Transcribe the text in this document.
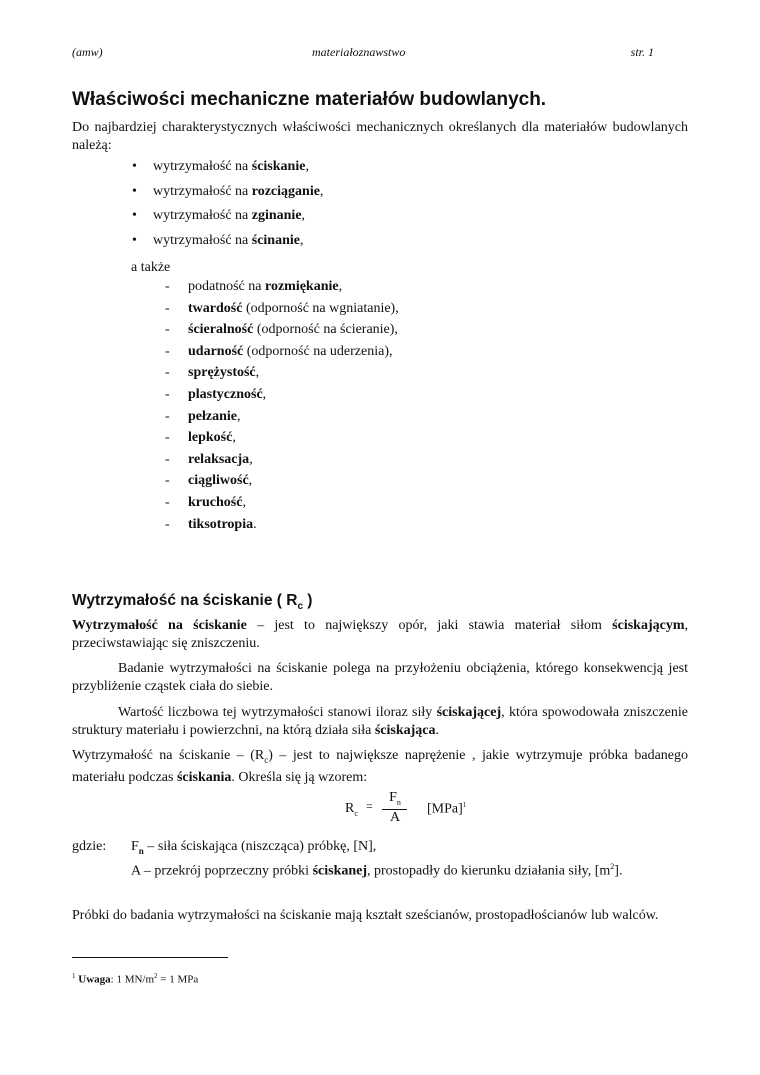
(amw)	materiałoznawstwo	str. 1
Właściwości mechaniczne materiałów budowlanych.
Do najbardziej charakterystycznych właściwości mechanicznych określanych dla materiałów budowlanych należą:
• wytrzymałość na ściskanie,
• wytrzymałość na rozciąganie,
• wytrzymałość na zginanie,
• wytrzymałość na ścinanie,
a także
- podatność na rozmiękanie,
- twardość (odporność na wgniatanie),
- ścieralność (odporność na ścieranie),
- udarność (odporność na uderzenia),
- sprężystość,
- plastyczność,
- pełzanie,
- lepkość,
- relaksacja,
- ciągliwość,
- kruchość,
- tiksotropia.
Wytrzymałość na ściskanie ( $R_c$ )
Wytrzymałość na ściskanie – jest to największy opór, jaki stawia materiał siłom ściskającym, przeciwstawiając się zniszczeniu.
Badanie wytrzymałości na ściskanie polega na przyłożeniu obciążenia, którego konsekwencją jest przybliżenie cząstek ciała do siebie.
Wartość liczbowa tej wytrzymałości stanowi iloraz siły ściskającej, która spowodowała zniszczenie struktury materiału i powierzchni, na którą działa siła ściskająca.
Wytrzymałość na ściskanie – $(R_c)$ – jest to największe naprężenie , jakie wytrzymuje próbka badanego materiału podczas ściskania. Określa się ją wzorem:
$R_c$
=
$F_n$
A
[MPa]$^1$
gdzie: $F_n$ – siła ściskająca (niszcząca) próbkę, [N],
A – przekrój poprzeczny próbki ściskanej, prostopadły do kierunku działania siły, $[m^2]$.
Próbki do badania wytrzymałości na ściskanie mają kształt sześcianów, prostopadłościanów lub walców.
$^1$ Uwaga: 1 $MN/m^2 = 1$ MPa
